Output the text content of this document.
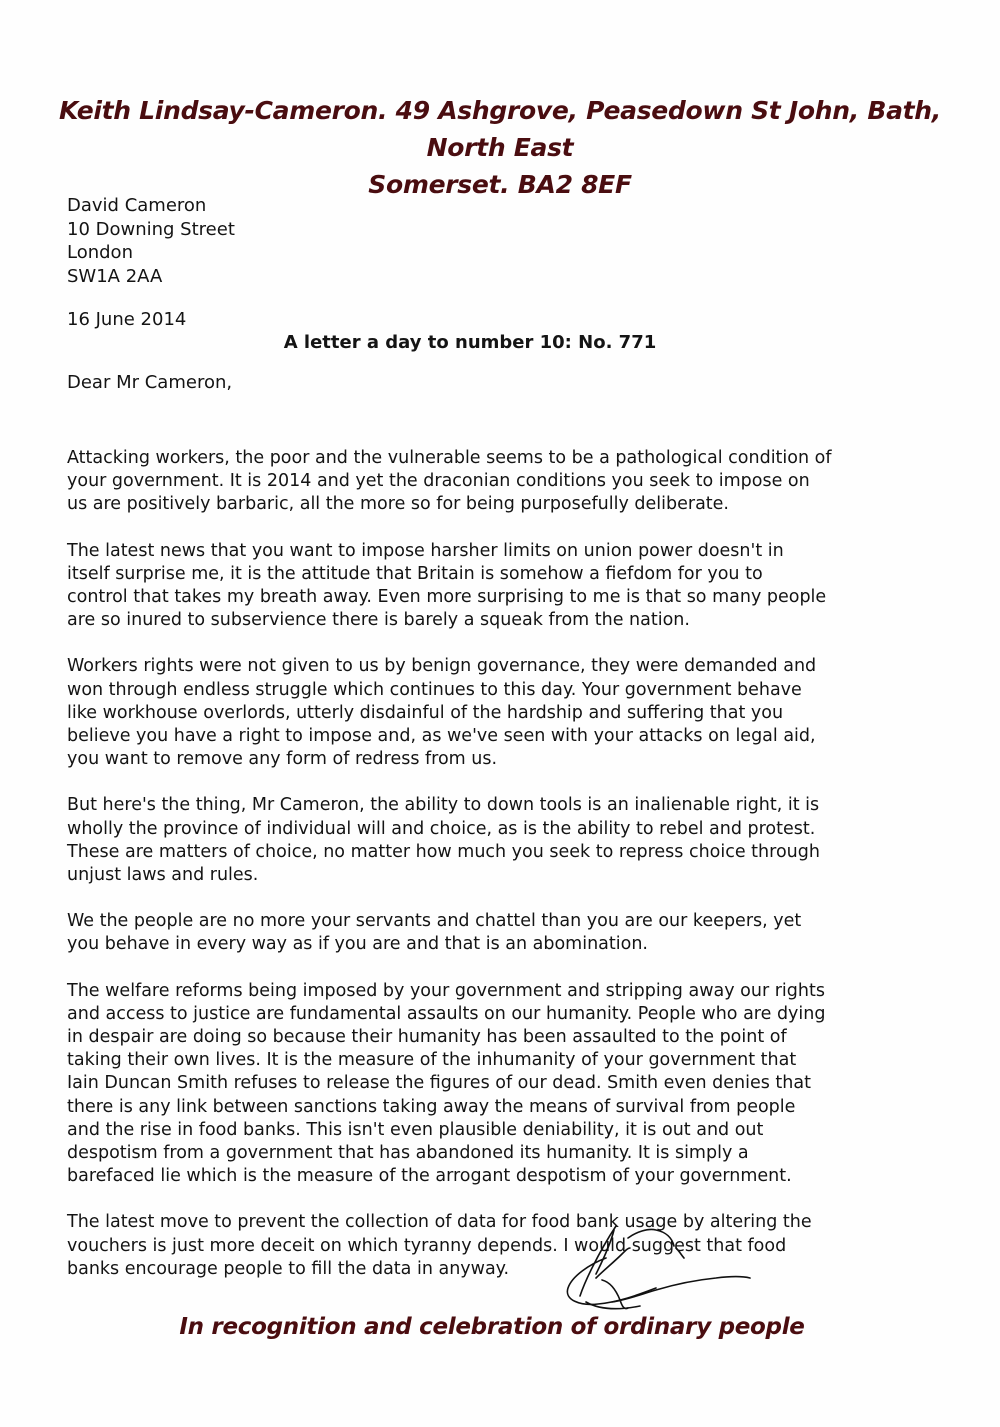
Keith Lindsay-Cameron. 49 Ashgrove, Peasedown St John, Bath, North East
Somerset. BA2 8EF
David Cameron
10 Downing Street
London
SW1A 2AA
16 June 2014
A letter a day to number 10: No. 771
Dear Mr Cameron,

Attacking workers, the poor and the vulnerable seems to be a pathological condition of
your government. It is 2014 and yet the draconian conditions you seek to impose on
us are positively barbaric, all the more so for being purposefully deliberate.

The latest news that you want to impose harsher limits on union power doesn't in
itself surprise me, it is the attitude that Britain is somehow a fiefdom for you to
control that takes my breath away. Even more surprising to me is that so many people
are so inured to subservience there is barely a squeak from the nation.

Workers rights were not given to us by benign governance, they were demanded and
won through endless struggle which continues to this day. Your government behave
like workhouse overlords, utterly disdainful of the hardship and suffering that you
believe you have a right to impose and, as we've seen with your attacks on legal aid,
you want to remove any form of redress from us.

But here's the thing, Mr Cameron, the ability to down tools is an inalienable right, it is
wholly the province of individual will and choice, as is the ability to rebel and protest.
These are matters of choice, no matter how much you seek to repress choice through
unjust laws and rules.

We the people are no more your servants and chattel than you are our keepers, yet
you behave in every way as if you are and that is an abomination.

The welfare reforms being imposed by your government and stripping away our rights
and access to justice are fundamental assaults on our humanity. People who are dying
in despair are doing so because their humanity has been assaulted to the point of
taking their own lives. It is the measure of the inhumanity of your government that
Iain Duncan Smith refuses to release the figures of our dead. Smith even denies that
there is any link between sanctions taking away the means of survival from people
and the rise in food banks. This isn't even plausible deniability, it is out and out
despotism from a government that has abandoned its humanity. It is simply a
barefaced lie which is the measure of the arrogant despotism of your government.

The latest move to prevent the collection of data for food bank usage by altering the
vouchers is just more deceit on which tyranny depends. I would suggest that food
banks encourage people to fill the data in anyway.

In recognition and celebration of ordinary people
